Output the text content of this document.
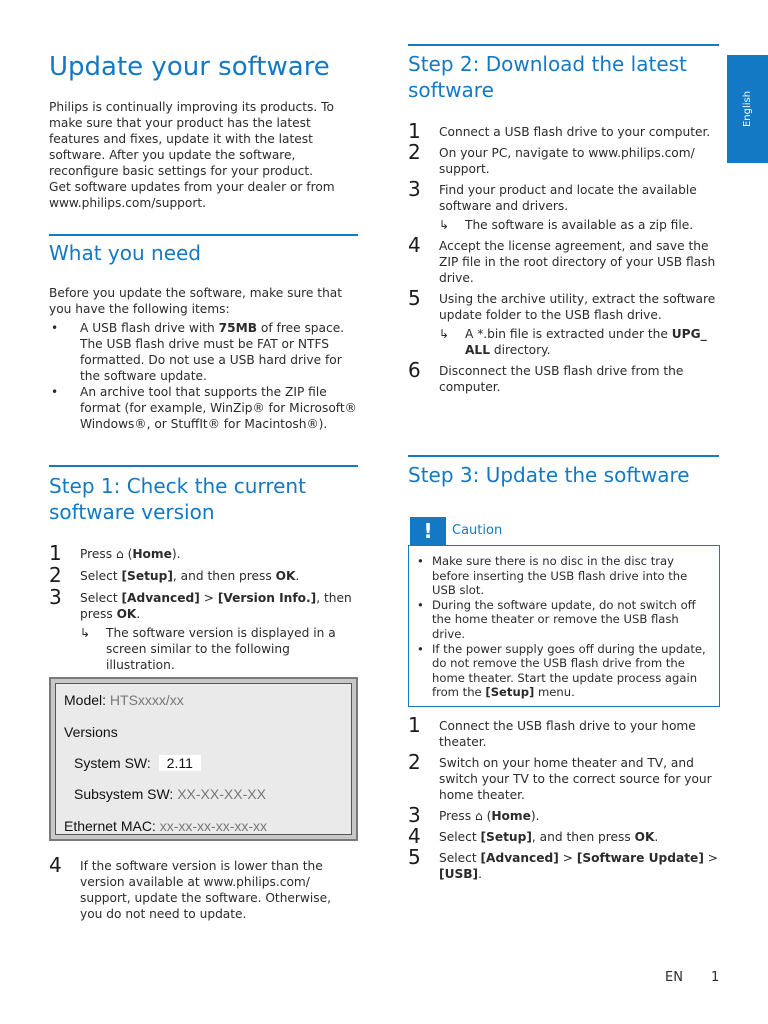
English
Update your software

Philips is continually improving its products. To make sure that your product has the latest features and fixes, update it with the latest software. After you update the software, reconfigure basic settings for your product.

Get software updates from your dealer or from www.philips.com/support.

What you need
Before you update the software, make sure that you have the following items:
• A USB flash drive with 75MB of free space. The USB flash drive must be FAT or NTFS formatted. Do not use a USB hard drive for the software update.
• An archive tool that supports the ZIP file format (for example, WinZip® for Microsoft® Windows®, or StuffIt® for Macintosh®).
Step 1: Check the current software version
1 Press ⌂ (Home).
2 Select [Setup], and then press OK.
3 Select [Advanced] > [Version Info.], then press OK.
↳ The software version is displayed in a screen similar to the following illustration.
Model: HTSxxxx/xx
Versions
System SW: 2.11
Subsystem SW: XX-XX-XX-XX
Ethernet MAC: xx-xx-xx-xx-xx-xx
4 If the software version is lower than the version available at www.philips.com/ support, update the software. Otherwise, you do not need to update.
Step 2: Download the latest software
1 Connect a USB flash drive to your computer.
2 On your PC, navigate to www.philips.com/ support.
3 Find your product and locate the available software and drivers.
↳ The software is available as a zip file.
4 Accept the license agreement, and save the ZIP file in the root directory of your USB flash drive.
5 Using the archive utility, extract the software update folder to the USB flash drive.
↳ A *.bin file is extracted under the UPG_ ALL directory.
6 Disconnect the USB flash drive from the computer.
Step 3: Update the software
!	Caution
• Make sure there is no disc in the disc tray before inserting the USB flash drive into the USB slot.
• During the software update, do not switch off the home theater or remove the USB flash drive.
• If the power supply goes off during the update, do not remove the USB flash drive from the home theater. Start the update process again from the [Setup] menu.
1 Connect the USB flash drive to your home theater.
2 Switch on your home theater and TV, and switch your TV to the correct source for your home theater.
3 Press ⌂ (Home).
4 Select [Setup], and then press OK.
5 Select [Advanced] > [Software Update] > [USB].
EN 1
